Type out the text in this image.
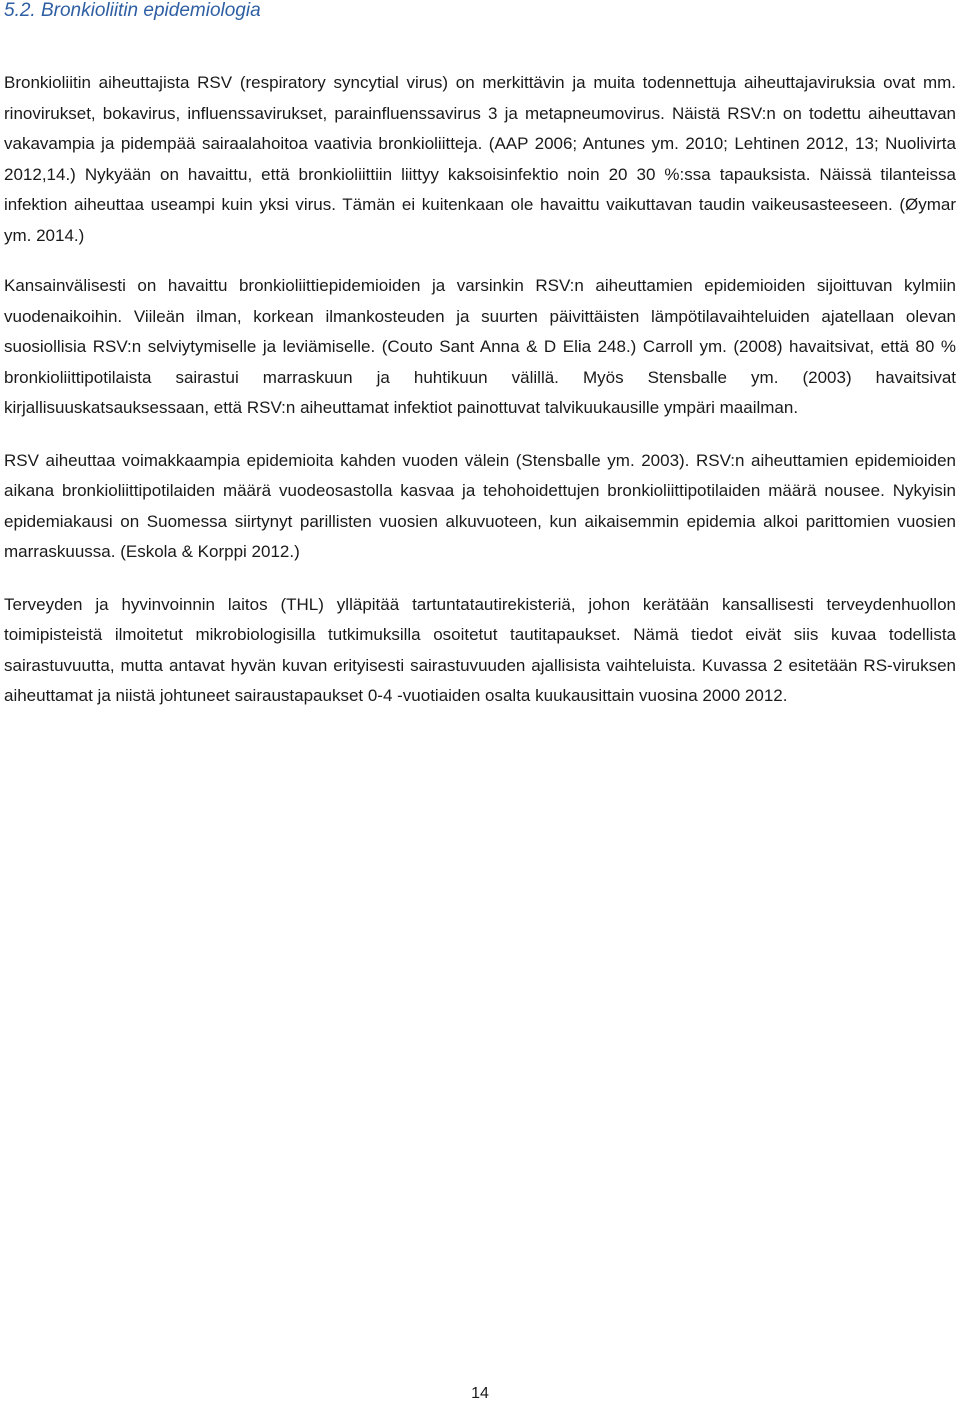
5.2. Bronkioliitin epidemiologia

Bronkioliitin aiheuttajista RSV (respiratory syncytial virus) on merkittävin ja muita todennettuja aiheuttajaviruksia ovat mm. rinovirukset, bokavirus, influenssavirukset, parainfluenssavirus 3 ja metapneumovirus. Näistä RSV:n on todettu aiheuttavan vakavampia ja pidempää sairaalahoitoa vaativia bronkioliitteja. (AAP 2006; Antunes ym. 2010; Lehtinen 2012, 13; Nuolivirta 2012,14.) Nykyään on havaittu, että bronkioliittiin liittyy kaksoisinfektio noin 20 30 %:ssa tapauksista. Näissä tilanteissa infektion aiheuttaa useampi kuin yksi virus. Tämän ei kuitenkaan ole havaittu vaikuttavan taudin vaikeusasteeseen. (Øymar ym. 2014.)

Kansainvälisesti on havaittu bronkioliittiepidemioiden ja varsinkin RSV:n aiheuttamien epidemioiden sijoittuvan kylmiin vuodenaikoihin. Viileän ilman, korkean ilmankosteuden ja suurten päivittäisten lämpötilavaihteluiden ajatellaan olevan suosiollisia RSV:n selviytymiselle ja leviämiselle. (Couto Sant Anna & D Elia 248.) Carroll ym. (2008) havaitsivat, että 80 % bronkioliittipotilaista sairastui marraskuun ja huhtikuun välillä. Myös Stensballe ym. (2003) havaitsivat kirjallisuuskatsauksessaan, että RSV:n aiheuttamat infektiot painottuvat talvikuukausille ympäri maailman.

RSV aiheuttaa voimakkaampia epidemioita kahden vuoden välein (Stensballe ym. 2003). RSV:n aiheuttamien epidemioiden aikana bronkioliittipotilaiden määrä vuodeosastolla kasvaa ja tehohoidettujen bronkioliittipotilaiden määrä nousee. Nykyisin epidemiakausi on Suomessa siirtynyt parillisten vuosien alkuvuoteen, kun aikaisemmin epidemia alkoi parittomien vuosien marraskuussa. (Eskola & Korppi 2012.)

Terveyden ja hyvinvoinnin laitos (THL) ylläpitää tartuntatautirekisteriä, johon kerätään kansallisesti terveydenhuollon toimipisteistä ilmoitetut mikrobiologisilla tutkimuksilla osoitetut tautitapaukset. Nämä tiedot eivät siis kuvaa todellista sairastuvuutta, mutta antavat hyvän kuvan erityisesti sairastuvuuden ajallisista vaihteluista. Kuvassa 2 esitetään RS-viruksen aiheuttamat ja niistä johtuneet sairaustapaukset 0-4 -vuotiaiden osalta kuukausittain vuosina 2000 2012.

14
